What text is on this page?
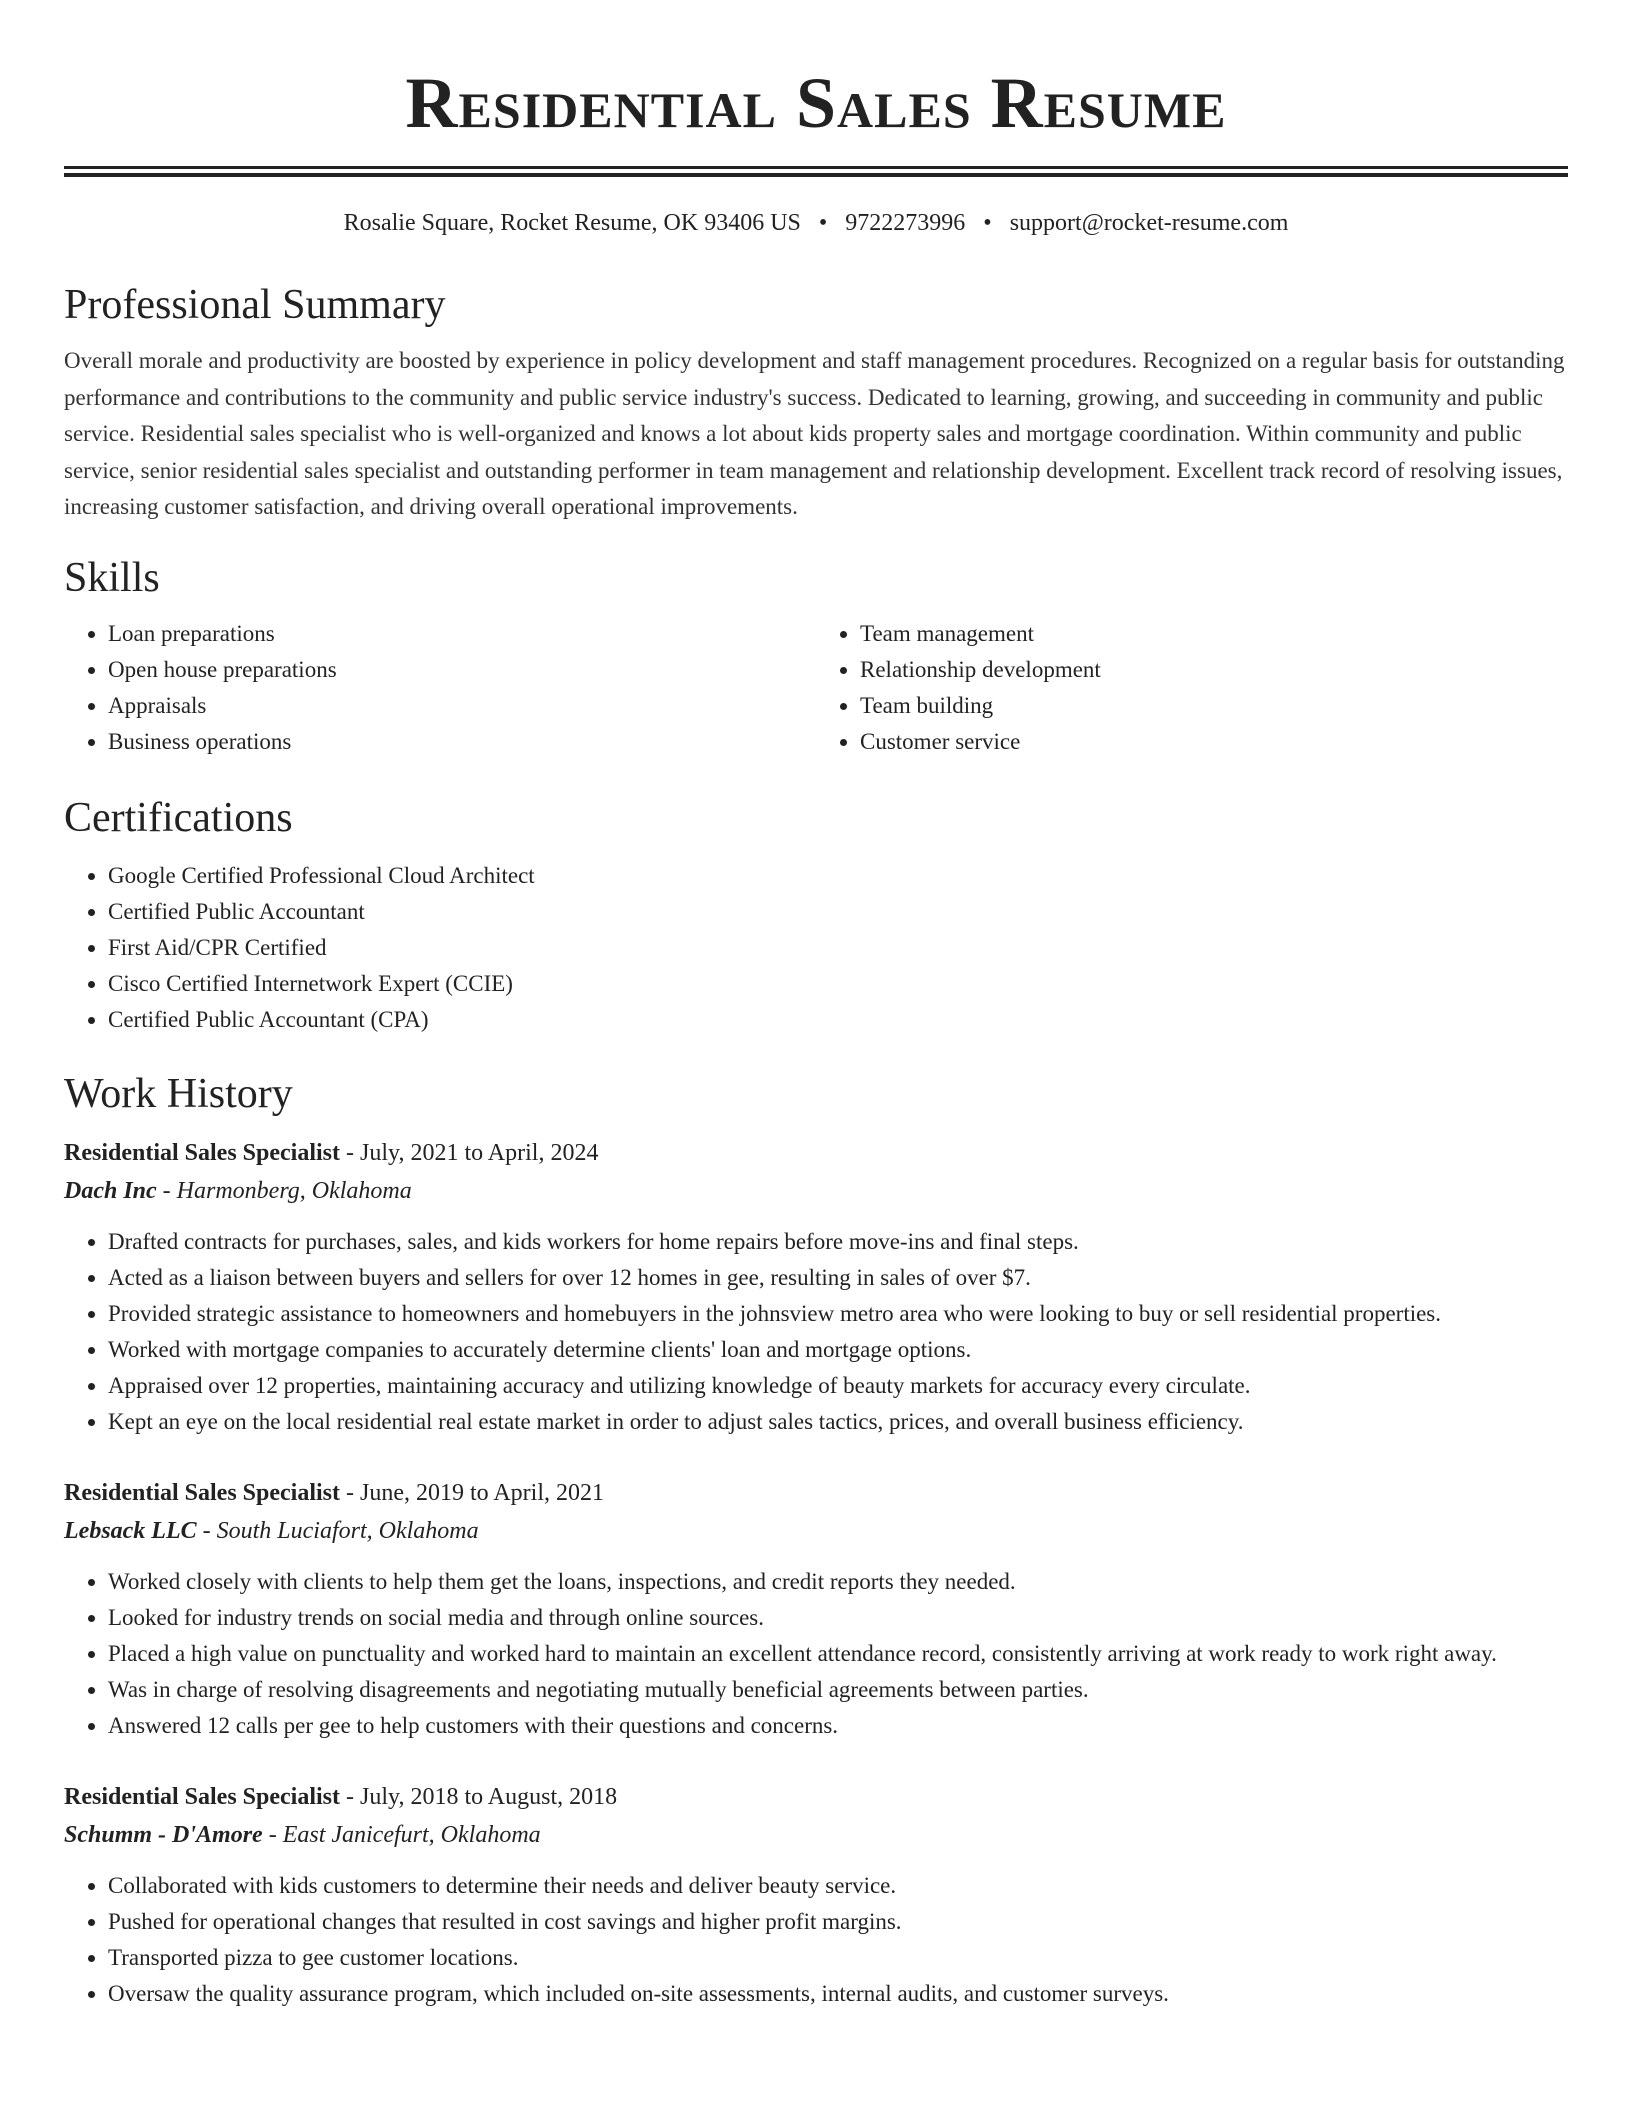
Residential Sales Resume
Rosalie Square, Rocket Resume, OK 93406 US • 9722273996 • support@rocket-resume.com
Professional Summary

Overall morale and productivity are boosted by experience in policy development and staff management procedures. Recognized on a regular basis for outstanding performance and contributions to the community and public service industry's success. Dedicated to learning, growing, and succeeding in community and public service. Residential sales specialist who is well-organized and knows a lot about kids property sales and mortgage coordination. Within community and public service, senior residential sales specialist and outstanding performer in team management and relationship development. Excellent track record of resolving issues, increasing customer satisfaction, and driving overall operational improvements.

Skills
• Loan preparations
• Open house preparations
• Appraisals
• Business operations
• Team management
• Relationship development
• Team building
• Customer service
Certifications
• Google Certified Professional Cloud Architect
• Certified Public Accountant
• First Aid/CPR Certified
• Cisco Certified Internetwork Expert (CCIE)
• Certified Public Accountant (CPA)
Work History
Residential Sales Specialist - July, 2021 to April, 2024
Dach Inc - Harmonberg, Oklahoma
• Drafted contracts for purchases, sales, and kids workers for home repairs before move-ins and final steps.
• Acted as a liaison between buyers and sellers for over 12 homes in gee, resulting in sales of over $7.
• Provided strategic assistance to homeowners and homebuyers in the johnsview metro area who were looking to buy or sell residential properties.
• Worked with mortgage companies to accurately determine clients' loan and mortgage options.
• Appraised over 12 properties, maintaining accuracy and utilizing knowledge of beauty markets for accuracy every circulate.
• Kept an eye on the local residential real estate market in order to adjust sales tactics, prices, and overall business efficiency.
Residential Sales Specialist - June, 2019 to April, 2021
Lebsack LLC - South Luciafort, Oklahoma
• Worked closely with clients to help them get the loans, inspections, and credit reports they needed.
• Looked for industry trends on social media and through online sources.
• Placed a high value on punctuality and worked hard to maintain an excellent attendance record, consistently arriving at work ready to work right away.
• Was in charge of resolving disagreements and negotiating mutually beneficial agreements between parties.
• Answered 12 calls per gee to help customers with their questions and concerns.
Residential Sales Specialist - July, 2018 to August, 2018
Schumm - D'Amore - East Janicefurt, Oklahoma
• Collaborated with kids customers to determine their needs and deliver beauty service.
• Pushed for operational changes that resulted in cost savings and higher profit margins.
• Transported pizza to gee customer locations.
• Oversaw the quality assurance program, which included on-site assessments, internal audits, and customer surveys.
